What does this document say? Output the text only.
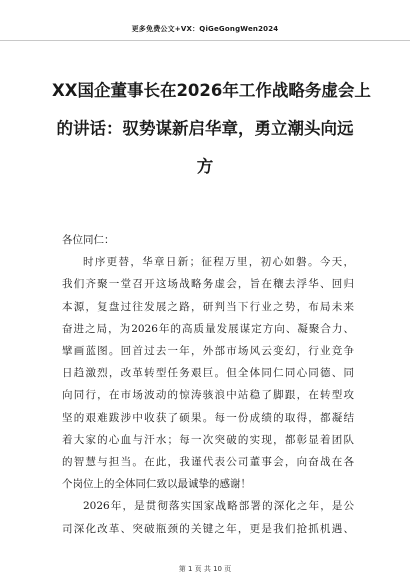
更多免费公文+VX：QiGeGongWen2024
XX国企董事长在2026年工作战略务虚会上
的讲话：驭势谋新启华章，勇立潮头向远
方

各位同仁：

时序更替，华章日新；征程万里，初心如磐。今天，
我们齐聚一堂召开这场战略务虚会，旨在穰去浮华、回归
本源，复盘过往发展之路，研判当下行业之势，布局未来
奋进之局，为2026年的高质量发展谋定方向、凝聚合力、
擘画蓝图。回首过去一年，外部市场风云变幻，行业竞争
日趋激烈，改革转型任务艰巨。但全体同仁同心同德、同
向同行，在市场波动的惊涛骇浪中站稳了脚跟，在转型攻
坚的艰难跋涉中收获了硕果。每一份成绩的取得，都凝结
着大家的心血与汗水；每一次突破的实现，都彰显着团队
的智慧与担当。在此，我谨代表公司董事会，向奋战在各
个岗位上的全体同仁致以最诚挚的感谢！
2026年，是贯彻落实国家战略部署的深化之年，是公
司深化改革、突破瓶颈的关键之年，更是我们抢抓机遇、
第 1 页 共 10 页
